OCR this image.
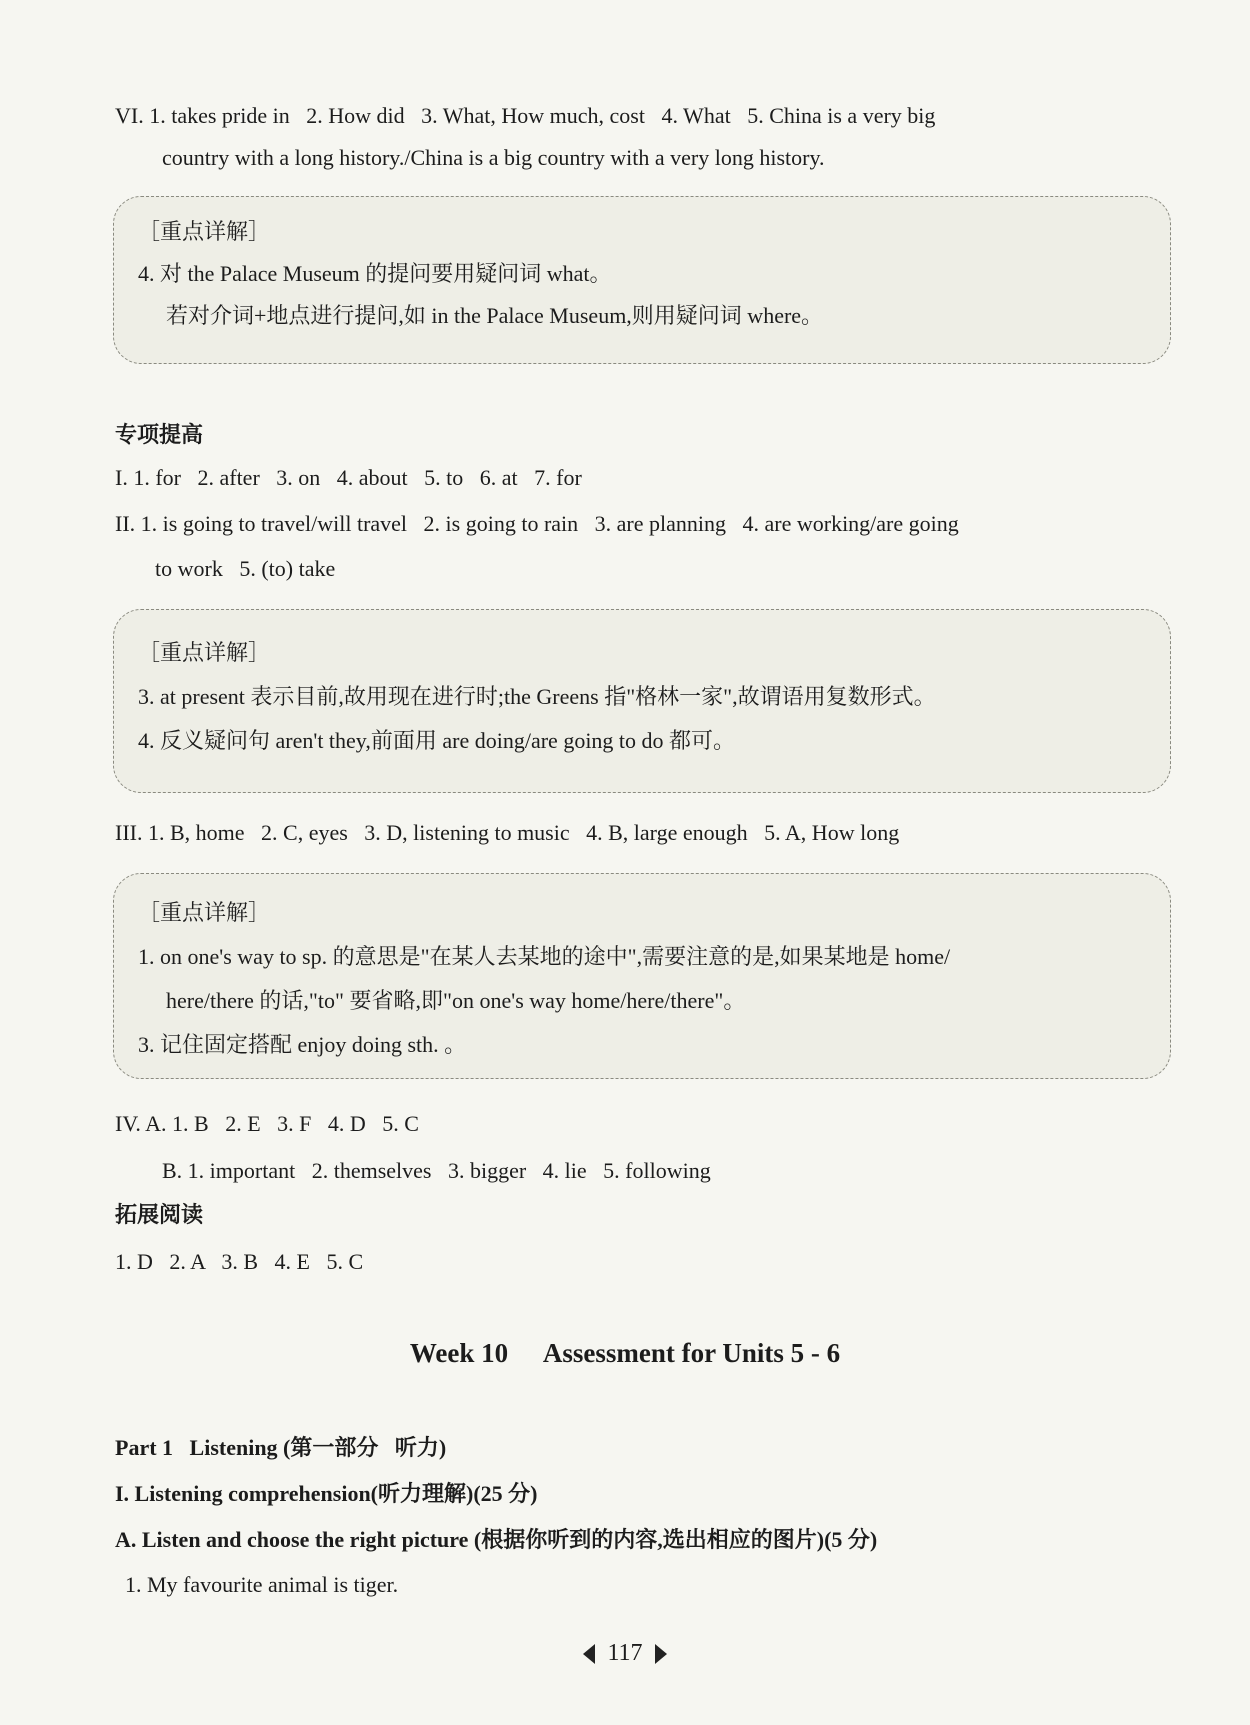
VI. 1. takes pride in   2. How did   3. What, How much, cost   4. What   5. China is a very big
country with a long history./China is a big country with a very long history.
［重点详解］
4. 对 the Palace Museum 的提问要用疑问词 what。
若对介词+地点进行提问,如 in the Palace Museum,则用疑问词 where。
专项提高
I. 1. for   2. after   3. on   4. about   5. to   6. at   7. for
II. 1. is going to travel/will travel   2. is going to rain   3. are planning   4. are working/are going
to work   5. (to) take
［重点详解］
3. at present 表示目前,故用现在进行时;the Greens 指"格林一家",故谓语用复数形式。
4. 反义疑问句 aren't they,前面用 are doing/are going to do 都可。
III. 1. B, home   2. C, eyes   3. D, listening to music   4. B, large enough   5. A, How long
［重点详解］
1. on one's way to sp. 的意思是"在某人去某地的途中",需要注意的是,如果某地是 home/
here/there 的话,"to" 要省略,即"on one's way home/here/there"。
3. 记住固定搭配 enjoy doing sth. 。
IV. A. 1. B   2. E   3. F   4. D   5. C
B. 1. important   2. themselves   3. bigger   4. lie   5. following
拓展阅读
1. D   2. A   3. B   4. E   5. C
Week 10 Assessment for Units 5 - 6
Part 1   Listening (第一部分   听力)
I. Listening comprehension(听力理解)(25 分)
A. Listen and choose the right picture (根据你听到的内容,选出相应的图片)(5 分)
1. My favourite animal is tiger.
117
